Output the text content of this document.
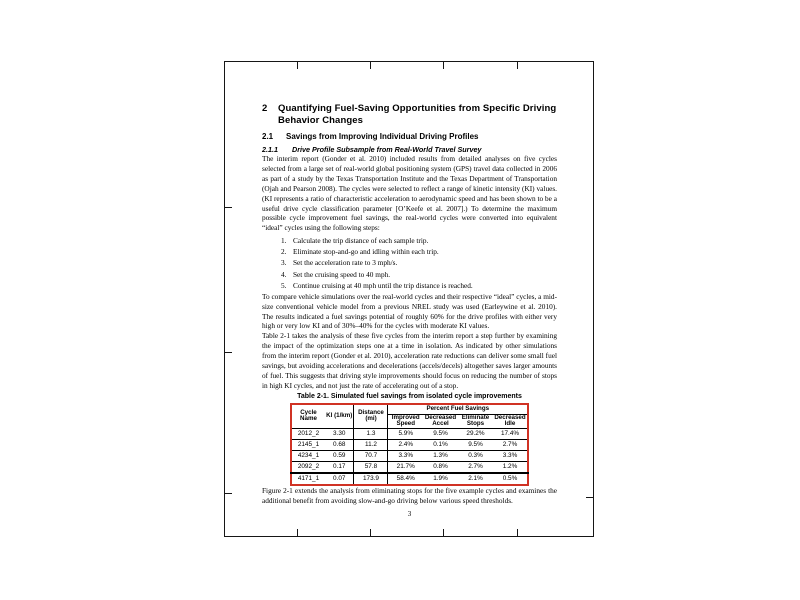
2	Quantifying Fuel-Saving Opportunities from Specific Driving Behavior Changes
2.1	Savings from Improving Individual Driving Profiles
2.1.1	Drive Profile Subsample from Real-World Travel Survey

The interim report (Gonder et al. 2010) included results from detailed analyses on five cycles selected from a large set of real-world global positioning system (GPS) travel data collected in 2006 as part of a study by the Texas Transportation Institute and the Texas Department of Transportation (Ojah and Pearson 2008). The cycles were selected to reflect a range of kinetic intensity (KI) values. (KI represents a ratio of characteristic acceleration to aerodynamic speed and has been shown to be a useful drive cycle classification parameter [O’Keefe et al. 2007].) To determine the maximum possible cycle improvement fuel savings, the real-world cycles were converted into equivalent “ideal” cycles using the following steps:

1. Calculate the trip distance of each sample trip.
2. Eliminate stop-and-go and idling within each trip.
3. Set the acceleration rate to 3 mph/s.
4. Set the cruising speed to 40 mph.
5. Continue cruising at 40 mph until the trip distance is reached.

To compare vehicle simulations over the real-world cycles and their respective “ideal” cycles, a mid-size conventional vehicle model from a previous NREL study was used (Earleywine et al. 2010). The results indicated a fuel savings potential of roughly 60% for the drive profiles with either very high or very low KI and of 30%–40% for the cycles with moderate KI values.

Table 2-1 takes the analysis of these five cycles from the interim report a step further by examining the impact of the optimization steps one at a time in isolation. As indicated by other simulations from the interim report (Gonder et al. 2010), acceleration rate reductions can deliver some small fuel savings, but avoiding accelerations and decelerations (accels/decels) altogether saves larger amounts of fuel. This suggests that driving style improvements should focus on reducing the number of stops in high KI cycles, and not just the rate of accelerating out of a stop.

Table 2-1. Simulated fuel savings from isolated cycle improvements
Cycle Name	KI (1/km)	Distance (mi)	Percent Fuel Savings			
			Improved Speed	Decreased Accel	Eliminate Stops	Decreased Idle
2012_2	3.30	1.3	5.9%	9.5%	29.2%	17.4%
2145_1	0.68	11.2	2.4%	0.1%	9.5%	2.7%
4234_1	0.59	70.7	3.3%	1.3%	0.3%	3.3%
2092_2	0.17	57.8	21.7%	0.8%	2.7%	1.2%
4171_1	0.07	173.9	58.4%	1.9%	2.1%	0.5%

Figure 2-1 extends the analysis from eliminating stops for the five example cycles and examines the additional benefit from avoiding slow-and-go driving below various speed thresholds.

3
